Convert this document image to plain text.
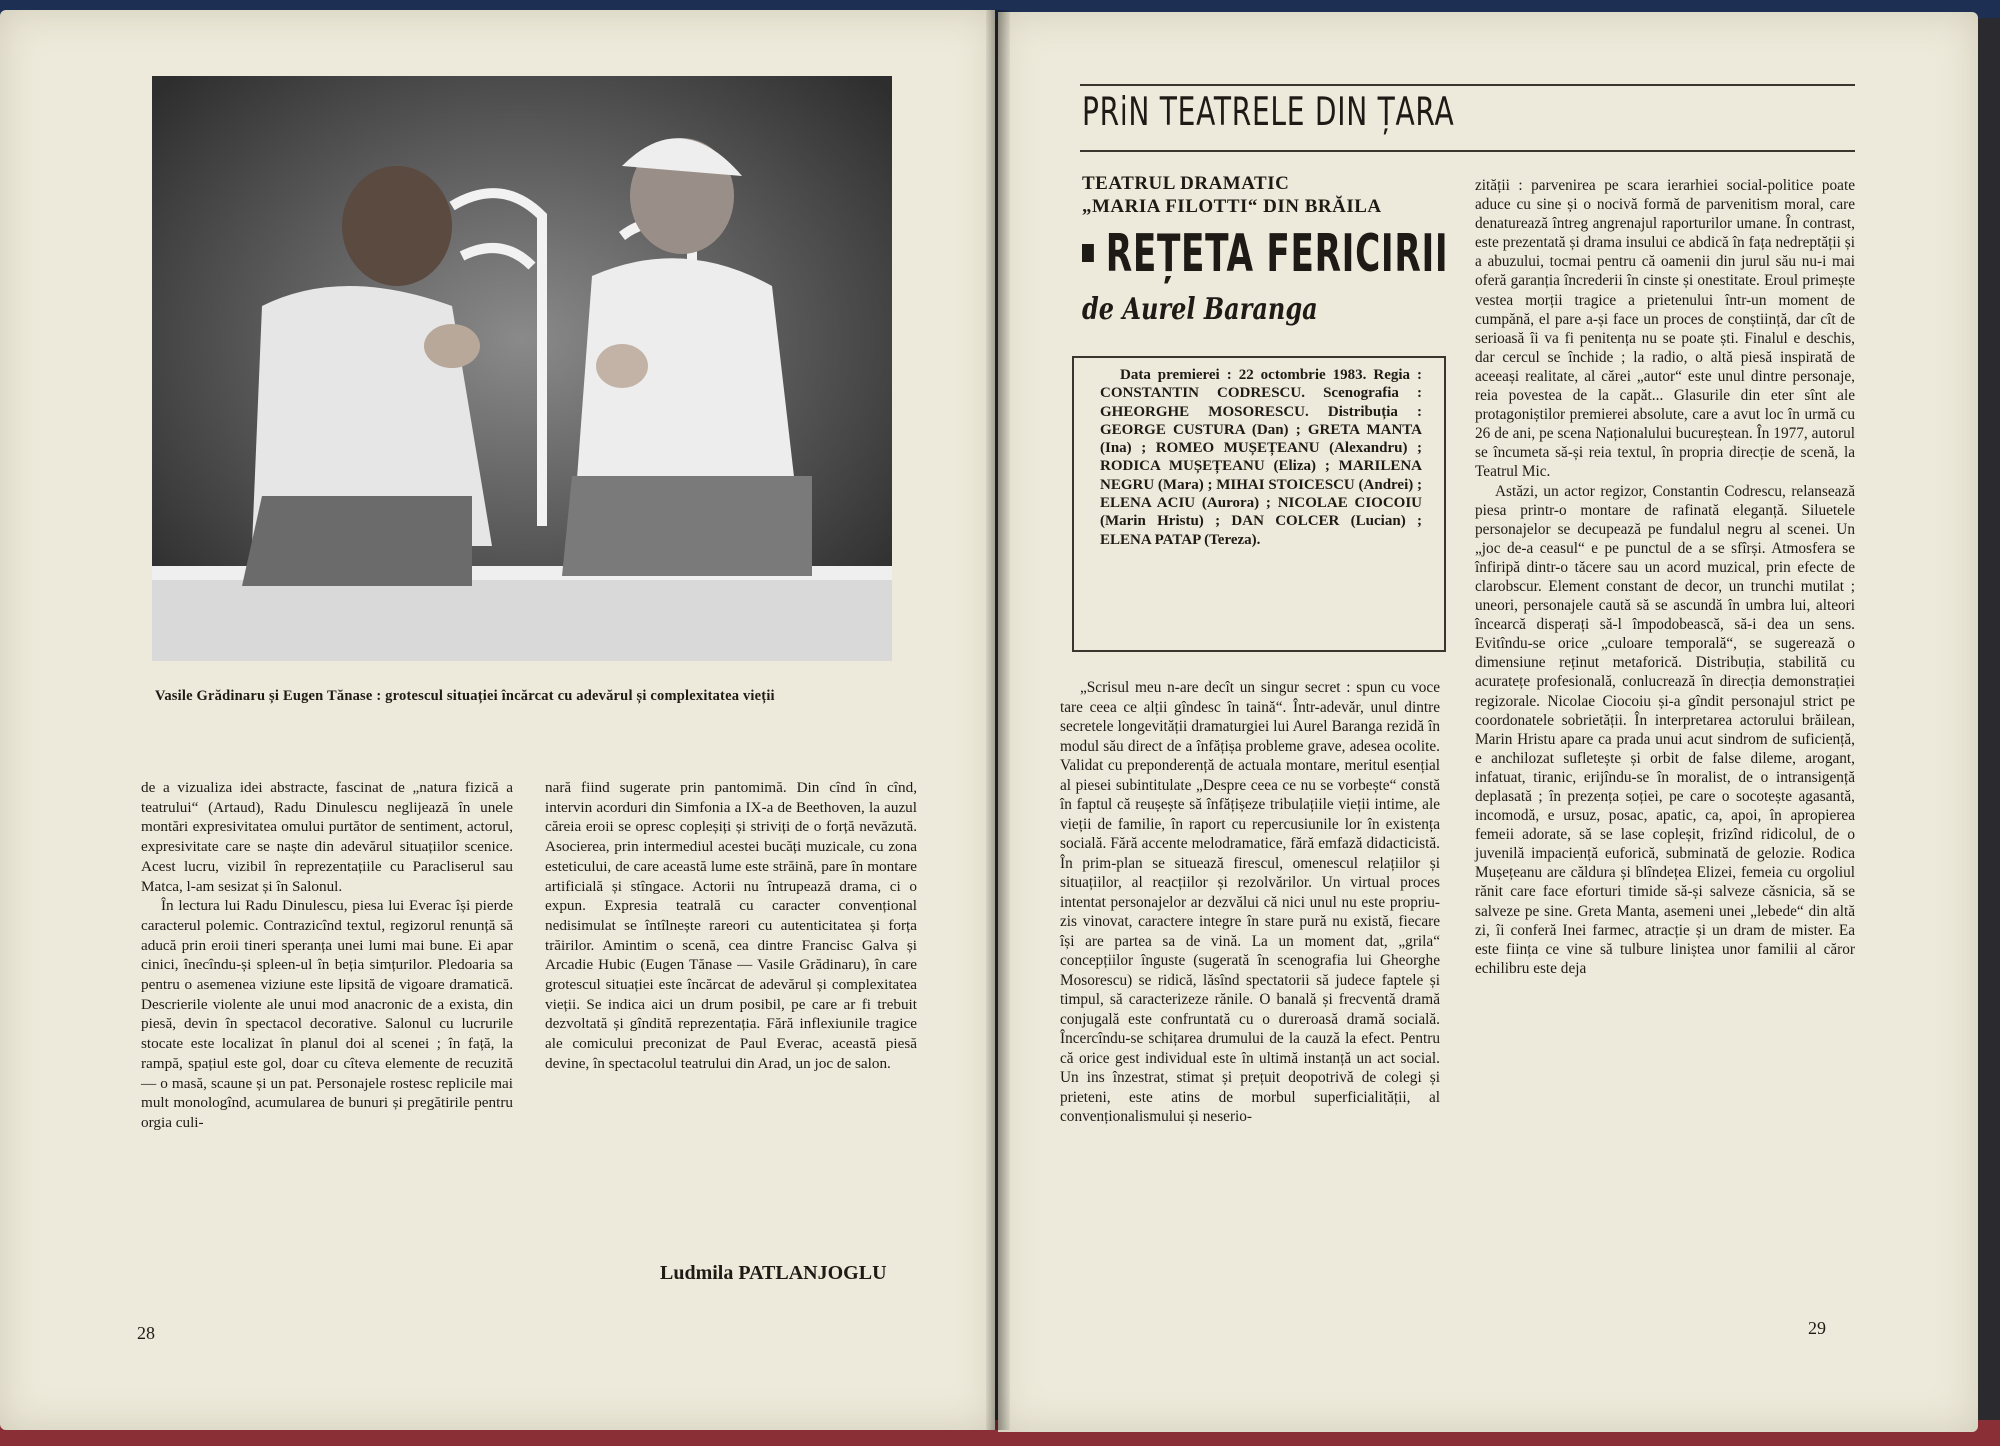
Vasile Grădinaru și Eugen Tănase : grotescul situației încărcat cu adevărul și complexitatea vieții

de a vizualiza idei abstracte, fascinat de „natura fizică a teatrului“ (Artaud), Radu Dinulescu neglijează în unele montări expresivitatea omului purtător de sentiment, actorul, expresivitate care se naște din adevărul situațiilor scenice. Acest lucru, vizibil în reprezentațiile cu Paracliserul sau Matca, l-am sesizat și în Salonul.

În lectura lui Radu Dinulescu, piesa lui Everac își pierde caracterul polemic. Contrazicînd textul, regizorul renunță să aducă prin eroii tineri speranța unei lumi mai bune. Ei apar cinici, înecîndu-și spleen-ul în beția simțurilor. Pledoaria sa pentru o asemenea viziune este lipsită de vigoare dramatică. Descrierile violente ale unui mod anacronic de a exista, din piesă, devin în spectacol decorative. Salonul cu lucrurile stocate este localizat în planul doi al scenei ; în față, la rampă, spațiul este gol, doar cu cîteva elemente de recuzită — o masă, scaune și un pat. Personajele rostesc replicile mai mult monologînd, acumularea de bunuri și pregătirile pentru orgia culi-

nară fiind sugerate prin pantomimă. Din cînd în cînd, intervin acorduri din Simfonia a IX-a de Beethoven, la auzul căreia eroii se opresc copleșiți și striviți de o forță nevăzută. Asocierea, prin intermediul acestei bucăți muzicale, cu zona esteticului, de care această lume este străină, pare în montare artificială și stîngace. Actorii nu întrupează drama, ci o expun. Expresia teatrală cu caracter convențional nedisimulat se întîlnește rareori cu autenticitatea și forța trăirilor. Amintim o scenă, cea dintre Francisc Galva și Arcadie Hubic (Eugen Tănase — Vasile Grădinaru), în care grotescul situației este încărcat de adevărul și complexitatea vieții. Se indica aici un drum posibil, pe care ar fi trebuit dezvoltată și gîndită reprezentația. Fără inflexiunile tragice ale comicului preconizat de Paul Everac, această piesă devine, în spectacolul teatrului din Arad, un joc de salon.

Ludmila PATLANJOGLU
28
PRiN TEATRELE DIN ȚARA
TEATRUL DRAMATIC
„MARIA FILOTTI“ DIN BRĂILA
REȚETA FERICIRII
de Aurel Baranga

Data premierei : 22 octombrie 1983. Regia : CONSTANTIN CODRESCU. Scenografia : GHEORGHE MOSORESCU. Distribuția : GEORGE CUSTURA (Dan) ; GRETA MANTA (Ina) ; ROMEO MUȘEȚEANU (Alexandru) ; RODICA MUȘEȚEANU (Eliza) ; MARILENA NEGRU (Mara) ; MIHAI STOICESCU (Andrei) ; ELENA ACIU (Aurora) ; NICOLAE CIOCOIU (Marin Hristu) ; DAN COLCER (Lucian) ; ELENA PATAP (Tereza).

„Scrisul meu n-are decît un singur secret : spun cu voce tare ceea ce alții gîndesc în taină“. Într-adevăr, unul dintre secretele longevității dramaturgiei lui Aurel Baranga rezidă în modul său direct de a înfățișa probleme grave, adesea ocolite. Validat cu preponderență de actuala montare, meritul esențial al piesei subintitulate „Despre ceea ce nu se vorbește“ constă în faptul că reușește să înfățișeze tribulațiile vieții intime, ale vieții de familie, în raport cu repercusiunile lor în existența socială. Fără accente melodramatice, fără emfază didacticistă. În prim-plan se situează firescul, omenescul relațiilor și situațiilor, al reacțiilor și rezolvărilor. Un virtual proces intentat personajelor ar dezvălui că nici unul nu este propriu-zis vinovat, caractere integre în stare pură nu există, fiecare își are partea sa de vină. La un moment dat, „grila“ concepțiilor înguste (sugerată în scenografia lui Gheorghe Mosorescu) se ridică, lăsînd spectatorii să judece faptele și timpul, să caracterizeze rănile. O banală și frecventă dramă conjugală este confruntată cu o dureroasă dramă socială. Încercîndu-se schițarea drumului de la cauză la efect. Pentru că orice gest individual este în ultimă instanță un act social. Un ins înzestrat, stimat și prețuit deopotrivă de colegi și prieteni, este atins de morbul superficialității, al convenționalismului și neserio-

zității : parvenirea pe scara ierarhiei social-politice poate aduce cu sine și o nocivă formă de parvenitism moral, care denaturează întreg angrenajul raporturilor umane. În contrast, este prezentată și drama insului ce abdică în fața nedreptății și a abuzului, tocmai pentru că oamenii din jurul său nu-i mai oferă garanția încrederii în cinste și onestitate. Eroul primește vestea morții tragice a prietenului într-un moment de cumpănă, el pare a-și face un proces de conștiință, dar cît de serioasă îi va fi penitența nu se poate ști. Finalul e deschis, dar cercul se închide ; la radio, o altă piesă inspirată de aceeași realitate, al cărei „autor“ este unul dintre personaje, reia povestea de la capăt... Glasurile din eter sînt ale protagoniștilor premierei absolute, care a avut loc în urmă cu 26 de ani, pe scena Naționalului bucureștean. În 1977, autorul se încumeta să-și reia textul, în propria direcție de scenă, la Teatrul Mic.

Astăzi, un actor regizor, Constantin Codrescu, relansează piesa printr-o montare de rafinată eleganță. Siluetele personajelor se decupează pe fundalul negru al scenei. Un „joc de-a ceasul“ e pe punctul de a se sfîrși. Atmosfera se înfiripă dintr-o tăcere sau un acord muzical, prin efecte de clarobscur. Element constant de decor, un trunchi mutilat ; uneori, personajele caută să se ascundă în umbra lui, alteori încearcă disperați să-l împodobească, să-i dea un sens. Evitîndu-se orice „culoare temporală“, se sugerează o dimensiune reținut metaforică. Distribuția, stabilită cu acuratețe profesională, conlucrează în direcția demonstrației regizorale. Nicolae Ciocoiu și-a gîndit personajul strict pe coordonatele sobrietății. În interpretarea actorului brăilean, Marin Hristu apare ca prada unui acut sindrom de suficiență, e anchilozat sufletește și orbit de false dileme, arogant, infatuat, tiranic, erijîndu-se în moralist, de o intransigență deplasată ; în prezența soției, pe care o socotește agasantă, incomodă, e ursuz, posac, apatic, ca, apoi, în apropierea femeii adorate, să se lase copleșit, frizînd ridicolul, de o juvenilă impaciență euforică, subminată de gelozie. Rodica Mușețeanu are căldura și blîndețea Elizei, femeia cu orgoliul rănit care face eforturi timide să-și salveze căsnicia, să se salveze pe sine. Greta Manta, asemeni unei „lebede“ din altă zi, îi conferă Inei farmec, atracție și un dram de mister. Ea este ființa ce vine să tulbure liniștea unor familii al căror echilibru este deja

29
